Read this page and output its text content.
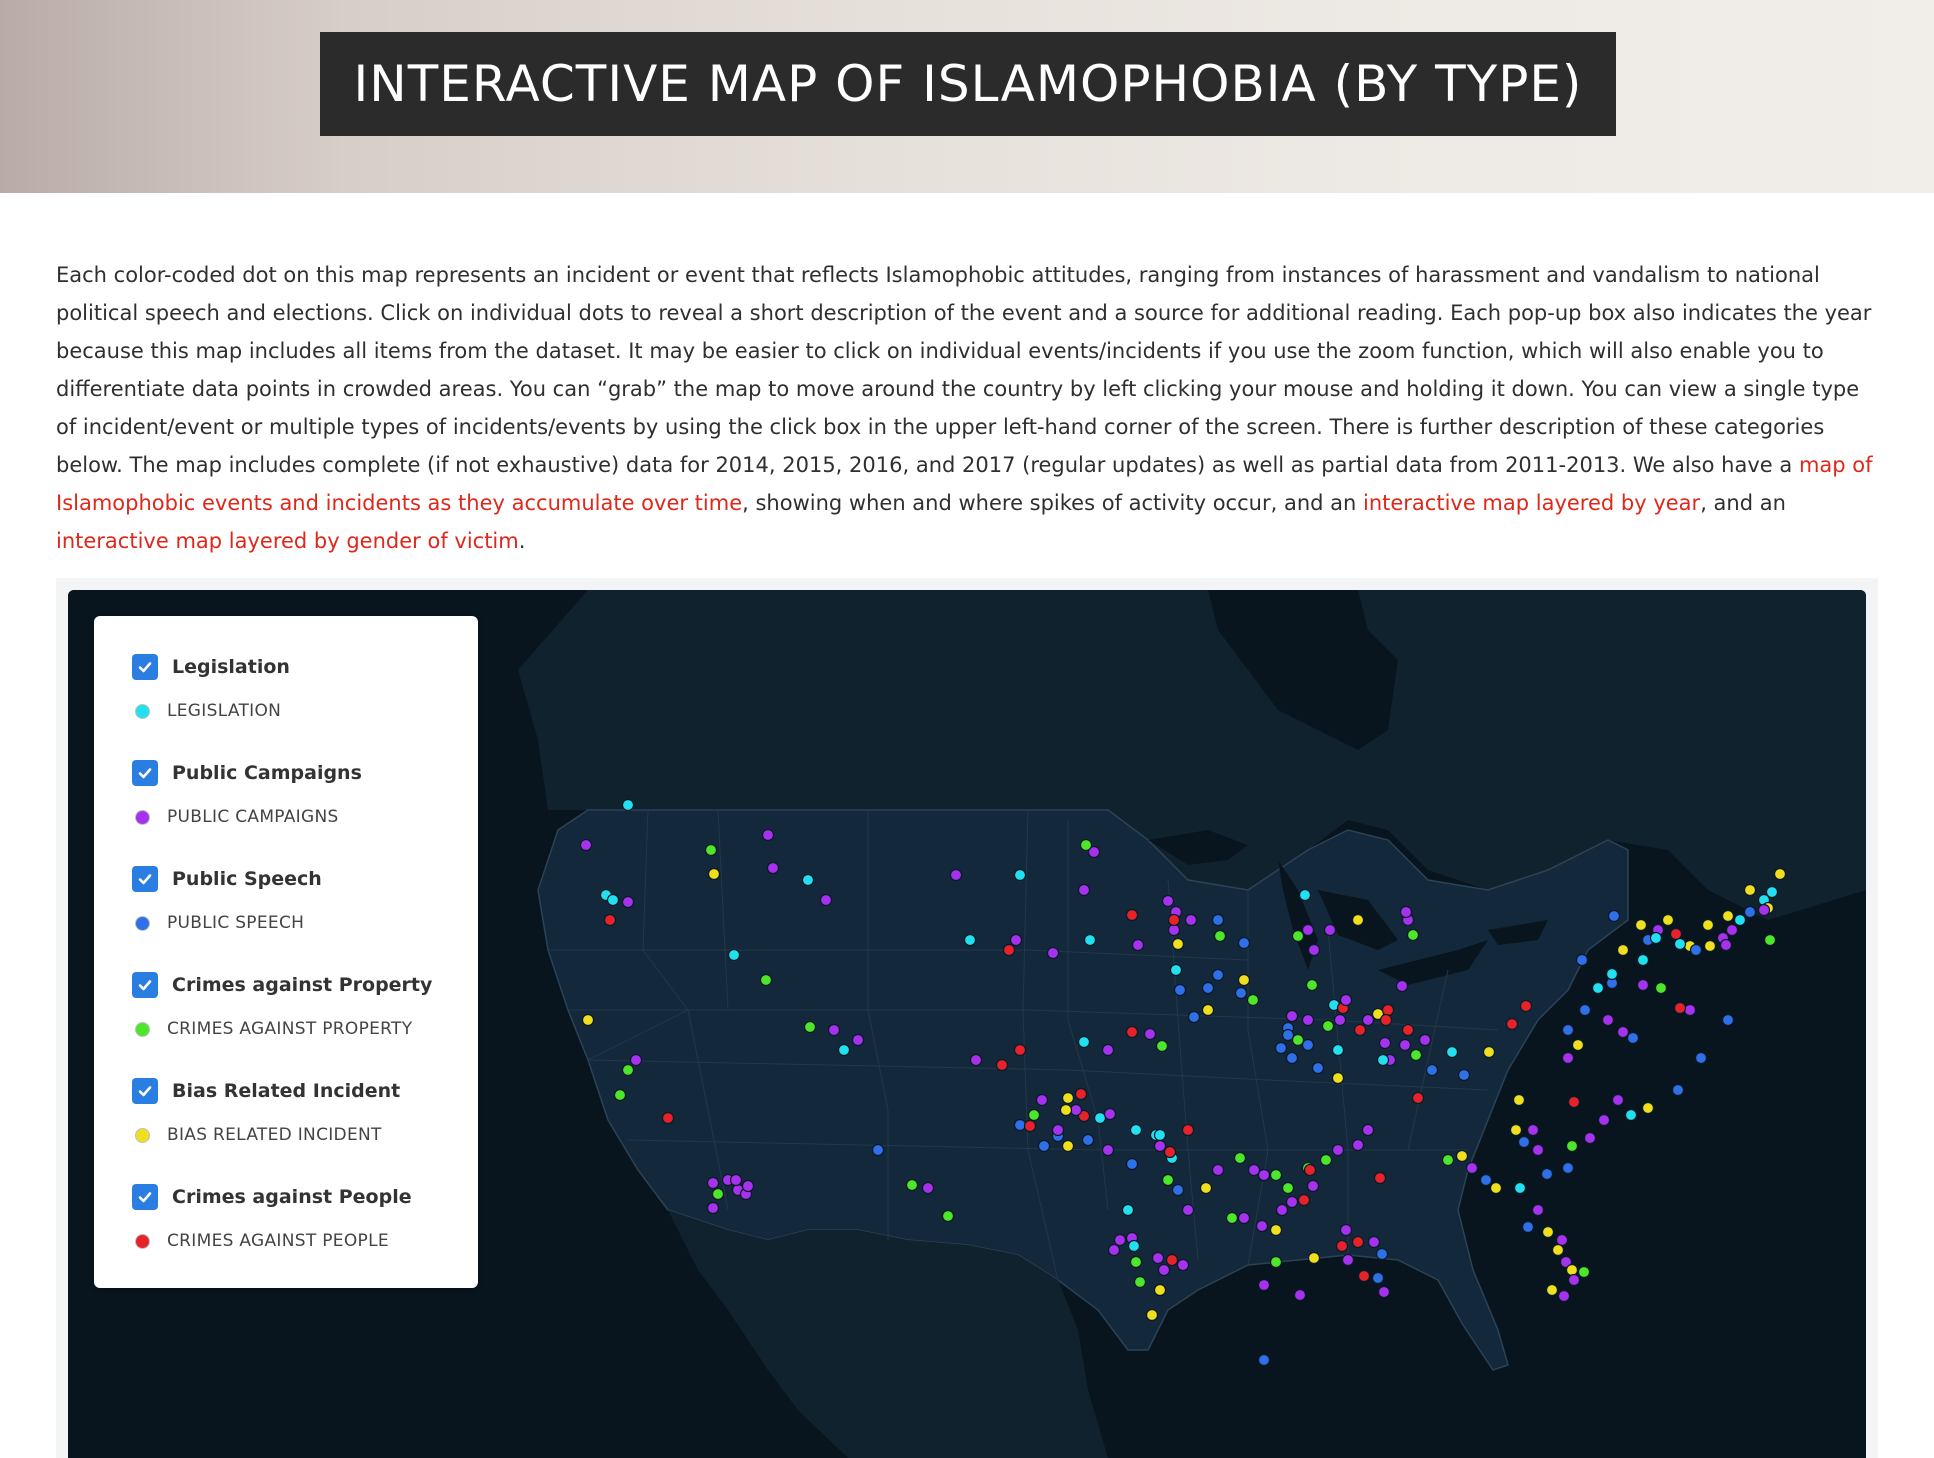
INTERACTIVE MAP OF ISLAMOPHOBIA (BY TYPE)

Each color-coded dot on this map represents an incident or event that reflects Islamophobic attitudes, ranging from instances of harassment and vandalism to national political speech and elections. Click on individual dots to reveal a short description of the event and a source for additional reading. Each pop-up box also indicates the year because this map includes all items from the dataset. It may be easier to click on individual events/incidents if you use the zoom function, which will also enable you to differentiate data points in crowded areas. You can “grab” the map to move around the country by left clicking your mouse and holding it down. You can view a single type of incident/event or multiple types of incidents/events by using the click box in the upper left-hand corner of the screen. There is further description of these categories below. The map includes complete (if not exhaustive) data for 2014, 2015, 2016, and 2017 (regular updates) as well as partial data from 2011-2013. We also have a map of Islamophobic events and incidents as they accumulate over time, showing when and where spikes of activity occur, and an interactive map layered by year, and an interactive map layered by gender of victim.

Legislation
LEGISLATION
Public Campaigns
PUBLIC CAMPAIGNS
Public Speech
PUBLIC SPEECH
Crimes against Property
CRIMES AGAINST PROPERTY
Bias Related Incident
BIAS RELATED INCIDENT
Crimes against People
CRIMES AGAINST PEOPLE
